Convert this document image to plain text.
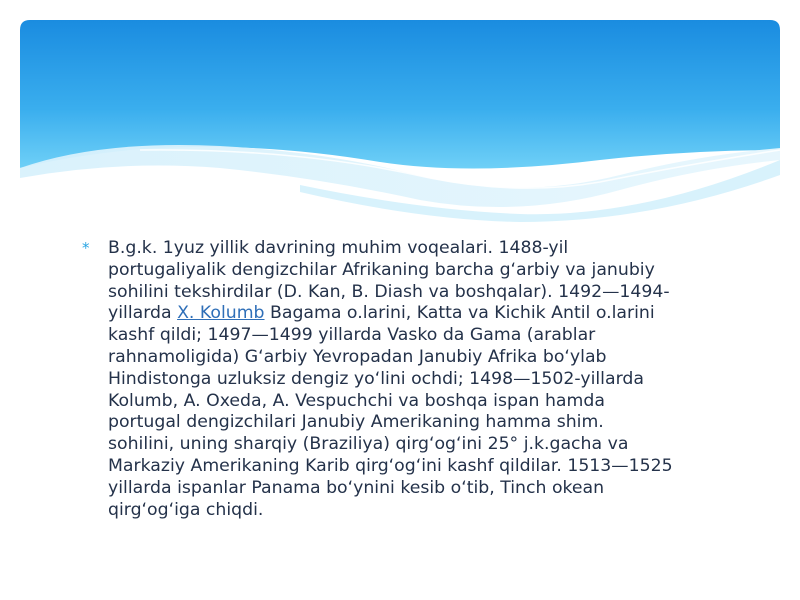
*	B.g.k. 1yuz yillik davrining muhim voqealari. 1488-yil
portugaliyalik dengizchilar Afrikaning barcha g‘arbiy va janubiy
sohilini tekshirdilar (D. Kan, B. Diash va boshqalar). 1492—1494-
yillarda X. Kolumb Bagama o.larini, Katta va Kichik Antil o.larini
kashf qildi; 1497—1499 yillarda Vasko da Gama (arablar
rahnamoligida) G‘arbiy Yevropadan Janubiy Afrika bo‘ylab
Hindistonga uzluksiz dengiz yo‘lini ochdi; 1498—1502-yillarda
Kolumb, A. Oxeda, A. Vespuchchi va boshqa ispan hamda
portugal dengizchilari Janubiy Amerikaning hamma shim.
sohilini, uning sharqiy (Braziliya) qirg‘og‘ini 25° j.k.gacha va
Markaziy Amerikaning Karib qirg‘og‘ini kashf qildilar. 1513—1525
yillarda ispanlar Panama bo‘ynini kesib o‘tib, Tinch okean
qirg‘og‘iga chiqdi.
